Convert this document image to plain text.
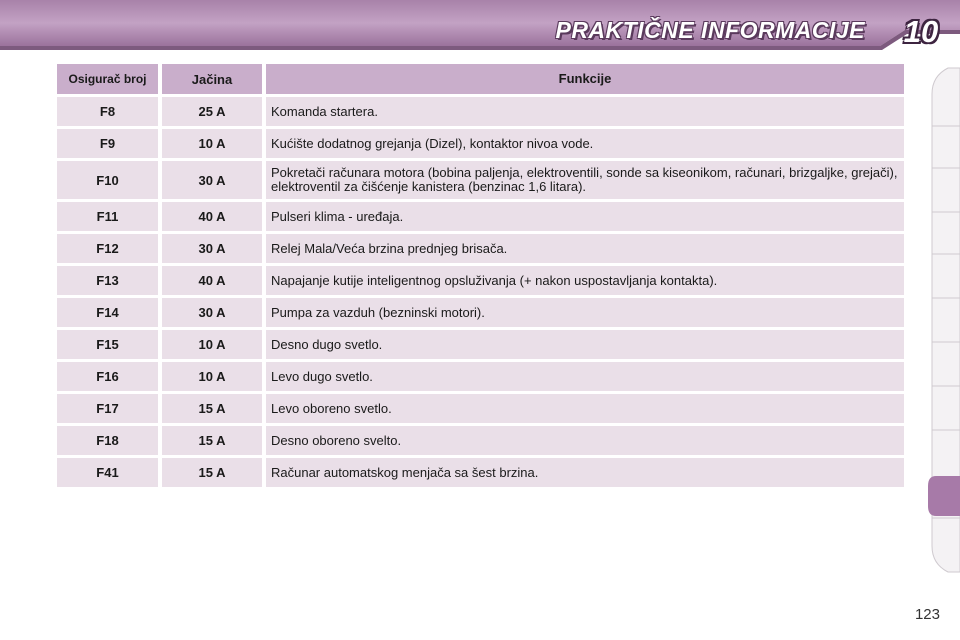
PRAKTIČNE INFORMACIJE 10
Osigurač broj	Jačina	Funkcije
F8	25 A	Komanda startera.
F9	10 A	Kućište dodatnog grejanja (Dizel), kontaktor nivoa vode.
F10	30 A	Pokretači računara motora (bobina paljenja, elektroventili, sonde sa kiseonikom, računari, brizgaljke, grejači), elektroventil za čišćenje kanistera (benzinac 1,6 litara).
F11	40 A	Pulseri klima - uređaja.
F12	30 A	Relej Mala/Veća brzina prednjeg brisača.
F13	40 A	Napajanje kutije inteligentnog opsluživanja (+ nakon uspostavljanja kontakta).
F14	30 A	Pumpa za vazduh (bezninski motori).
F15	10 A	Desno dugo svetlo.
F16	10 A	Levo dugo svetlo.
F17	15 A	Levo oboreno svetlo.
F18	15 A	Desno oboreno svelto.
F41	15 A	Računar automatskog menjača sa šest brzina.
123
